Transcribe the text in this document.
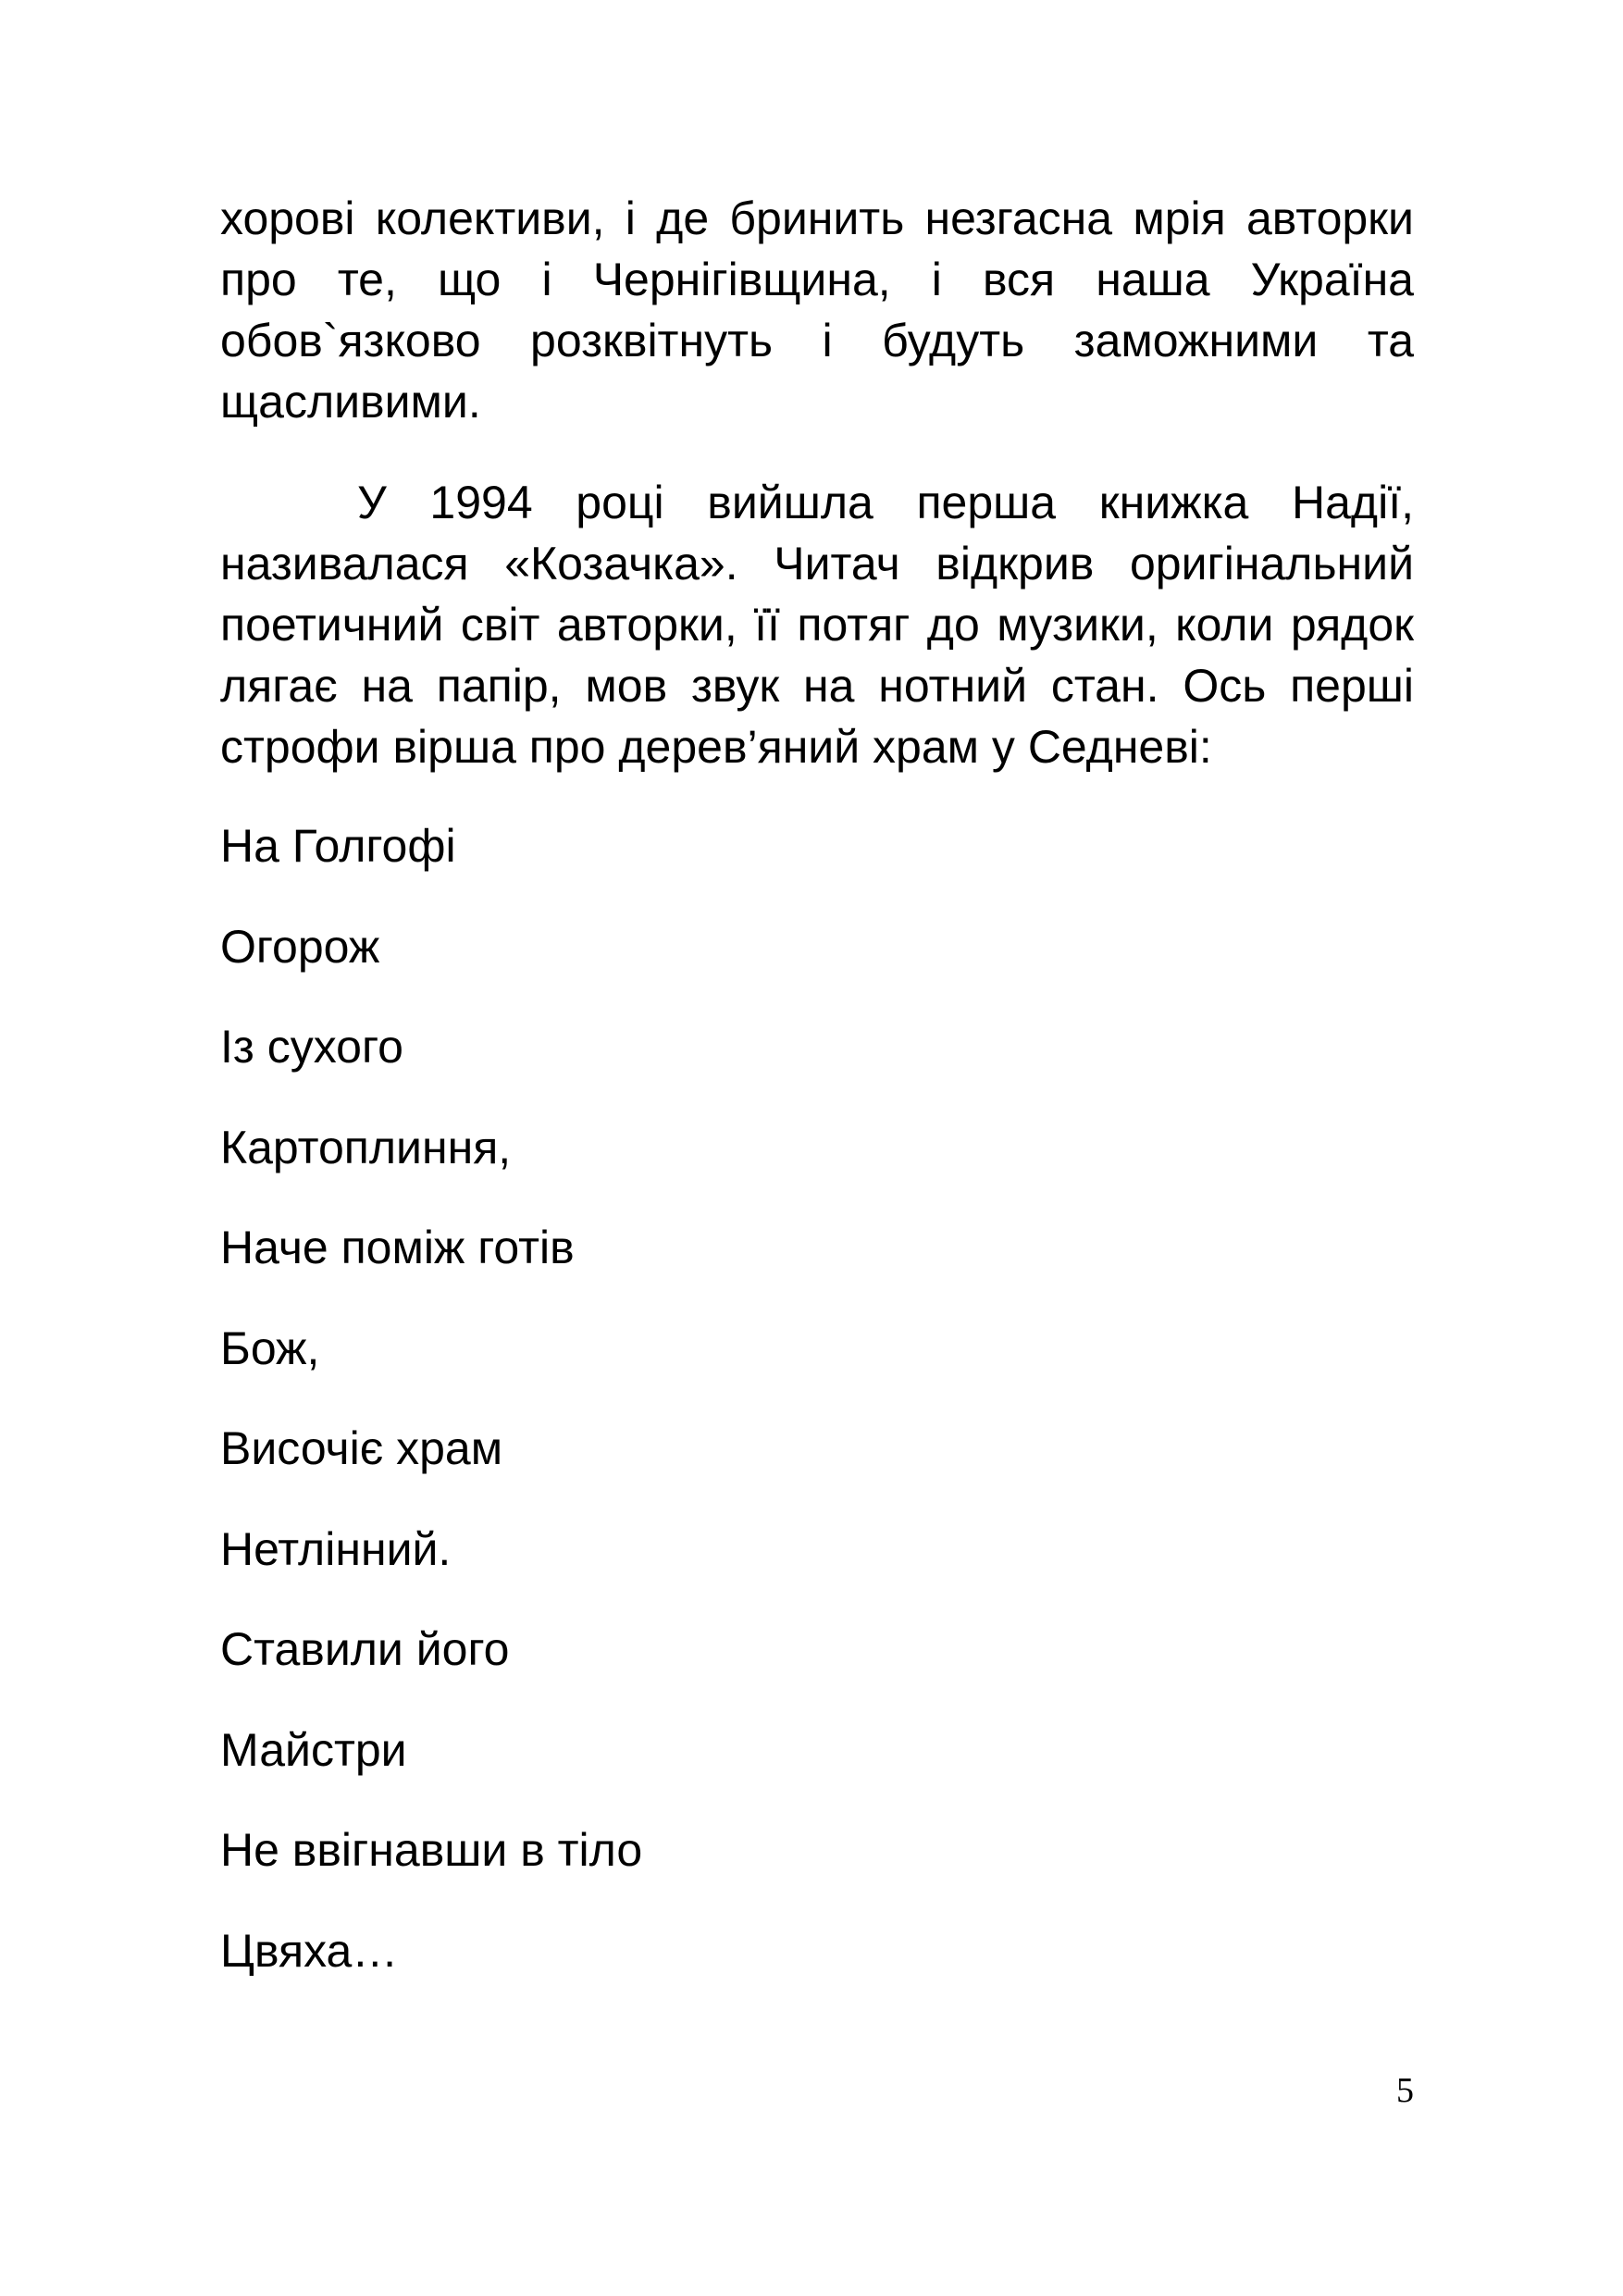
хорові колективи, і де бринить незгасна мрія авторки про те, що і Чернігівщина, і вся наша Україна обов`язково розквітнуть і будуть заможними та щасливими.

У 1994 році вийшла перша книжка Надії, називалася «Козачка». Читач відкрив оригінальний поетичний світ авторки, її потяг до музики, коли рядок лягає на папір, мов звук на нотний стан. Ось перші строфи вірша про дерев’яний храм у Седневі:

На Голгофі
Огорож
Із сухого
Картоплиння,
Наче поміж готів
Бож,
Височіє храм
Нетлінний.
Ставили його
Майстри
Не ввігнавши в тіло
Цвяха…
5
